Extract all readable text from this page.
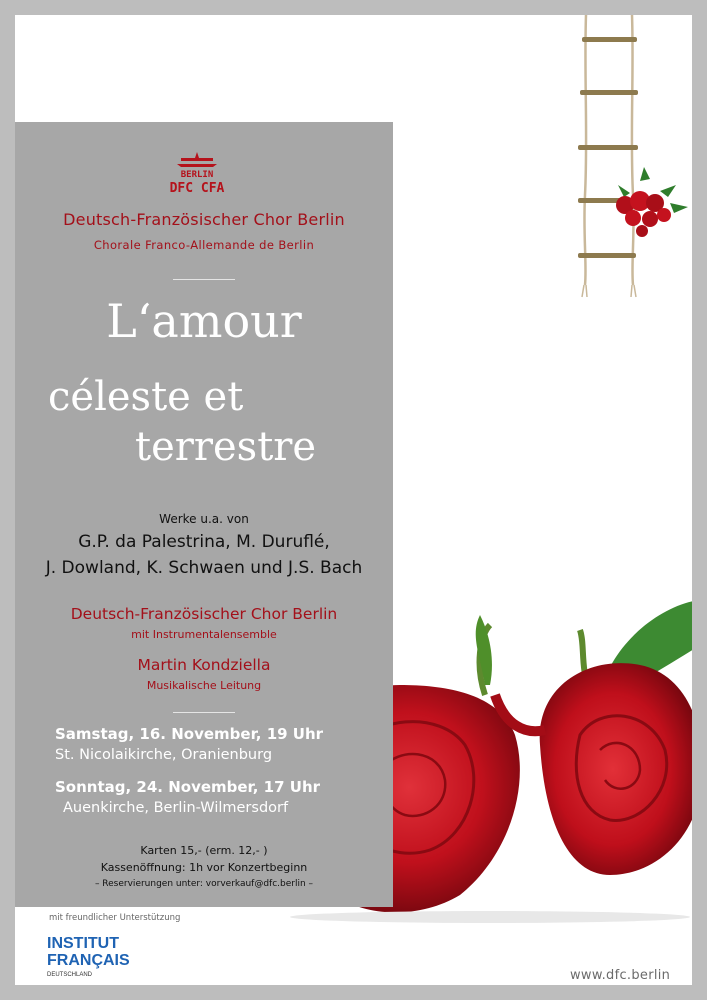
BERLIN
DFC CFA
Deutsch-Französischer Chor Berlin
Chorale Franco-Allemande de Berlin
L‘amour
céleste et
terrestre
Werke u.a. von
G.P. da Palestrina, M. Duruflé,
J. Dowland, K. Schwaen und J.S. Bach
Deutsch-Französischer Chor Berlin
mit Instrumentalensemble
Martin Kondziella
Musikalische Leitung
Samstag, 16. November, 19 Uhr
St. Nicolaikirche, Oranienburg
Sonntag, 24. November, 17 Uhr
Auenkirche, Berlin-Wilmersdorf
Karten 15,- (erm. 12,- )
Kassenöffnung: 1h vor Konzertbeginn
– Reservierungen unter: vorverkauf@dfc.berlin –
mit freundlicher Unterstützung
INSTITUT
FRANÇAIS
DEUTSCHLAND	www.dfc.berlin
